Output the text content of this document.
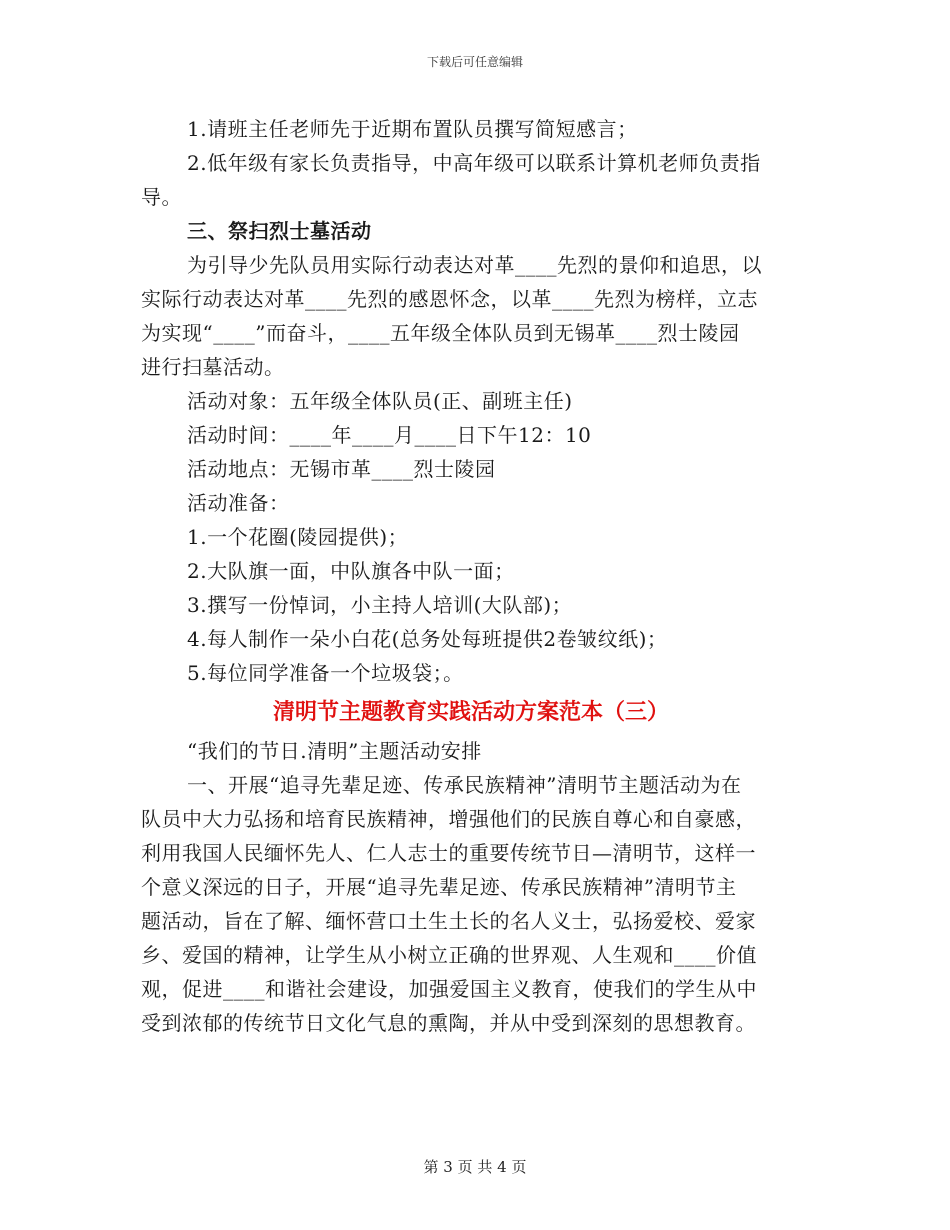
下载后可任意编辑
1.请班主任老师先于近期布置队员撰写简短感言；
2.低年级有家长负责指导，中高年级可以联系计算机老师负责指
导。
三、祭扫烈士墓活动
为引导少先队员用实际行动表达对革____先烈的景仰和追思，以
实际行动表达对革____先烈的感恩怀念，以革____先烈为榜样，立志
为实现“____”而奋斗，____五年级全体队员到无锡革____烈士陵园
进行扫墓活动。
活动对象：五年级全体队员(正、副班主任)
活动时间：____年____月____日下午12：10
活动地点：无锡市革____烈士陵园
活动准备：
1.一个花圈(陵园提供)；
2.大队旗一面，中队旗各中队一面；
3.撰写一份悼词，小主持人培训(大队部)；
4.每人制作一朵小白花(总务处每班提供2卷皱纹纸)；
5.每位同学准备一个垃圾袋；。
清明节主题教育实践活动方案范本（三）
“我们的节日.清明”主题活动安排
一、开展“追寻先辈足迹、传承民族精神”清明节主题活动为在
队员中大力弘扬和培育民族精神，增强他们的民族自尊心和自豪感，
利用我国人民缅怀先人、仁人志士的重要传统节日—清明节，这样一
个意义深远的日子，开展“追寻先辈足迹、传承民族精神”清明节主
题活动，旨在了解、缅怀营口土生土长的名人义士，弘扬爱校、爱家
乡、爱国的精神，让学生从小树立正确的世界观、人生观和____价值
观，促进____和谐社会建设，加强爱国主义教育，使我们的学生从中
受到浓郁的传统节日文化气息的熏陶，并从中受到深刻的思想教育。
第 3 页 共 4 页
